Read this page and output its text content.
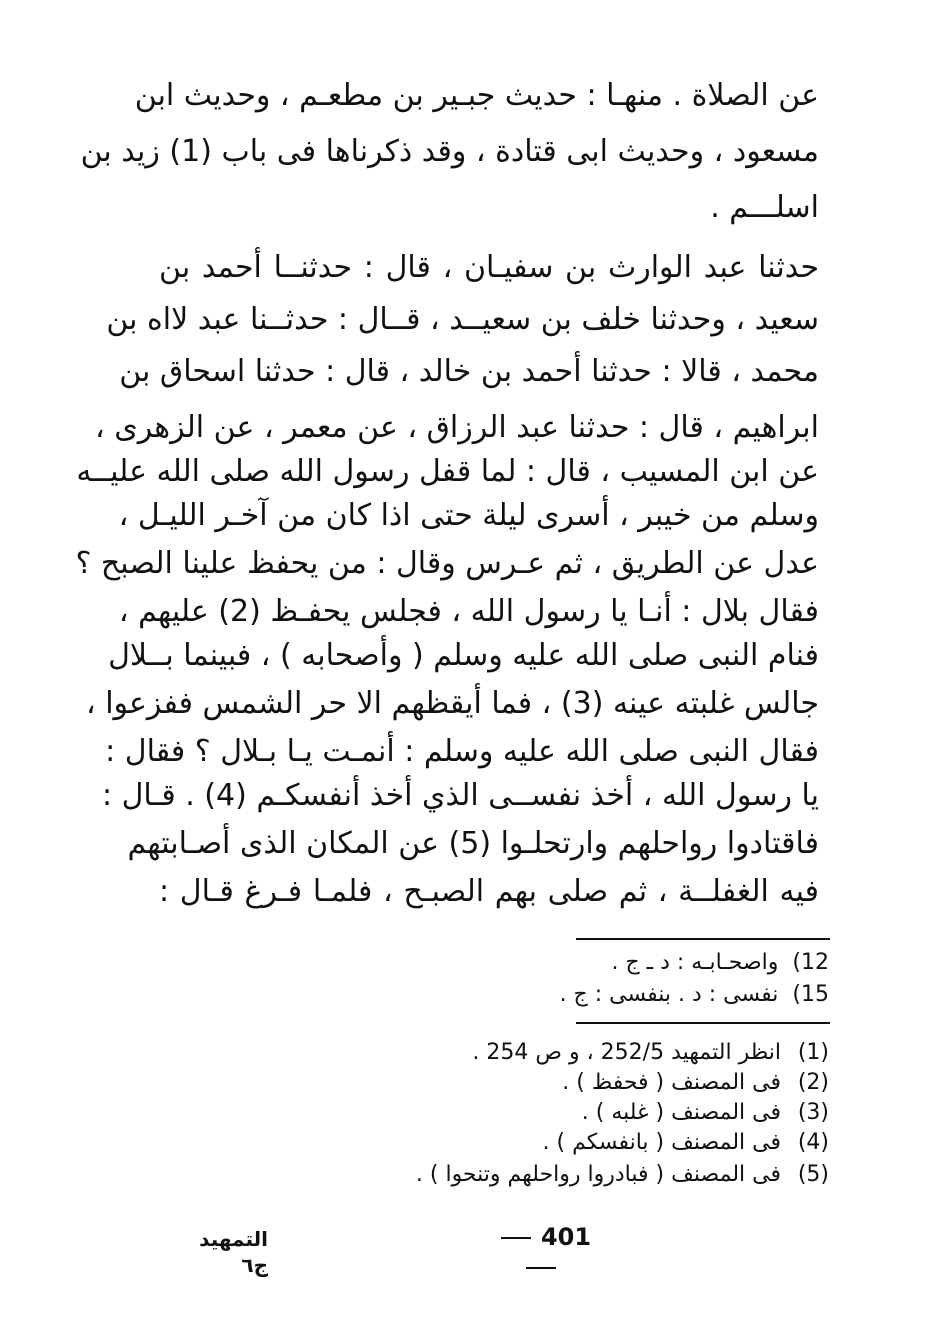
عن الصلاة . منهـا : حديث جبـير بن مطعـم ، وحديث ابن
مسعود ، وحديث ابى قتادة ، وقد ذكرناها فى باب (1) زيد بن
اسلـــم .
حدثنا عبد الوارث بن سفيـان ، قال : حدثنــا أحمد بن
سعيد ، وحدثنا خلف بن سعيــد ، قــال : حدثــنا عبد لااه بن
محمد ، قالا : حدثنا أحمد بن خالد ، قال : حدثنا اسحاق بن
ابراهيم ، قال : حدثنا عبد الرزاق ، عن معمر ، عن الزهرى ،
عن ابن المسيب ، قال : لما قفل رسول الله صلى الله عليــه
وسلم من خيبر ، أسرى ليلة حتى اذا كان من آخـر الليـل ،
عدل عن الطريق ، ثم عـرس وقال : من يحفظ علينا الصبح ؟
فقال بلال : أنـا يا رسول الله ، فجلس يحفـظ (2) عليهم ،
فنام النبى صلى الله عليه وسلم ( وأصحابه ) ، فبينما بــلال
جالس غلبته عينه (3) ، فما أيقظهم الا حر الشمس ففزعوا ،
فقال النبى صلى الله عليه وسلم : أنمـت يـا بـلال ؟ فقال :
يا رسول الله ، أخذ نفســى الذي أخذ أنفسكـم (4) . قـال :
فاقتادوا رواحلهم وارتحلـوا (5) عن المكان الذى أصـابتهم
فيه الغفلــة ، ثم صلى بهم الصبـح ، فلمـا فـرغ قـال :
12)واصحـابـه : د ـ ج .
15)نفسى : د . بنفسى : ج .
(1)انظر التمهيد 252/5 ، و ص 254 .
(2)فى المصنف ( فحفظ ) .
(3)فى المصنف ( غلبه ) .
(4)فى المصنف ( بانفسكم ) .
(5)فى المصنف ( فبادروا رواحلهم وتنحوا ) .
401
التمهيد ج٦
